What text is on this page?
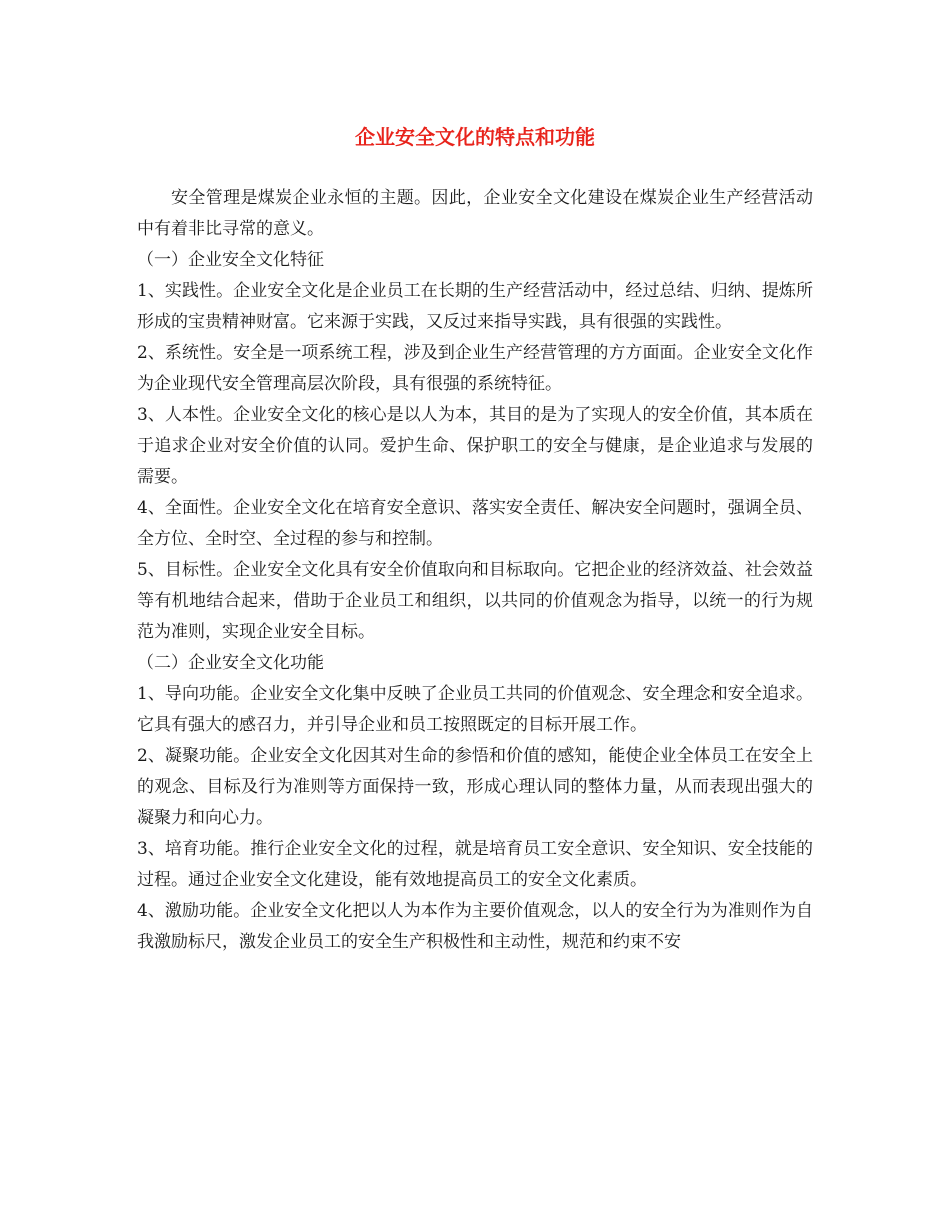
企业安全文化的特点和功能

安全管理是煤炭企业永恒的主题。因此，企业安全文化建设在煤炭企业生产经营活动中有着非比寻常的意义。

（一）企业安全文化特征

1、实践性。企业安全文化是企业员工在长期的生产经营活动中，经过总结、归纳、提炼所形成的宝贵精神财富。它来源于实践，又反过来指导实践，具有很强的实践性。

2、系统性。安全是一项系统工程，涉及到企业生产经营管理的方方面面。企业安全文化作为企业现代安全管理高层次阶段，具有很强的系统特征。

3、人本性。企业安全文化的核心是以人为本，其目的是为了实现人的安全价值，其本质在于追求企业对安全价值的认同。爱护生命、保护职工的安全与健康，是企业追求与发展的需要。

4、全面性。企业安全文化在培育安全意识、落实安全责任、解决安全问题时，强调全员、全方位、全时空、全过程的参与和控制。

5、目标性。企业安全文化具有安全价值取向和目标取向。它把企业的经济效益、社会效益等有机地结合起来，借助于企业员工和组织，以共同的价值观念为指导，以统一的行为规范为准则，实现企业安全目标。

（二）企业安全文化功能

1、导向功能。企业安全文化集中反映了企业员工共同的价值观念、安全理念和安全追求。它具有强大的感召力，并引导企业和员工按照既定的目标开展工作。

2、凝聚功能。企业安全文化因其对生命的参悟和价值的感知，能使企业全体员工在安全上的观念、目标及行为准则等方面保持一致，形成心理认同的整体力量，从而表现出强大的凝聚力和向心力。

3、培育功能。推行企业安全文化的过程，就是培育员工安全意识、安全知识、安全技能的过程。通过企业安全文化建设，能有效地提高员工的安全文化素质。

4、激励功能。企业安全文化把以人为本作为主要价值观念，以人的安全行为为准则作为自我激励标尺，激发企业员工的安全生产积极性和主动性，规范和约束不安
